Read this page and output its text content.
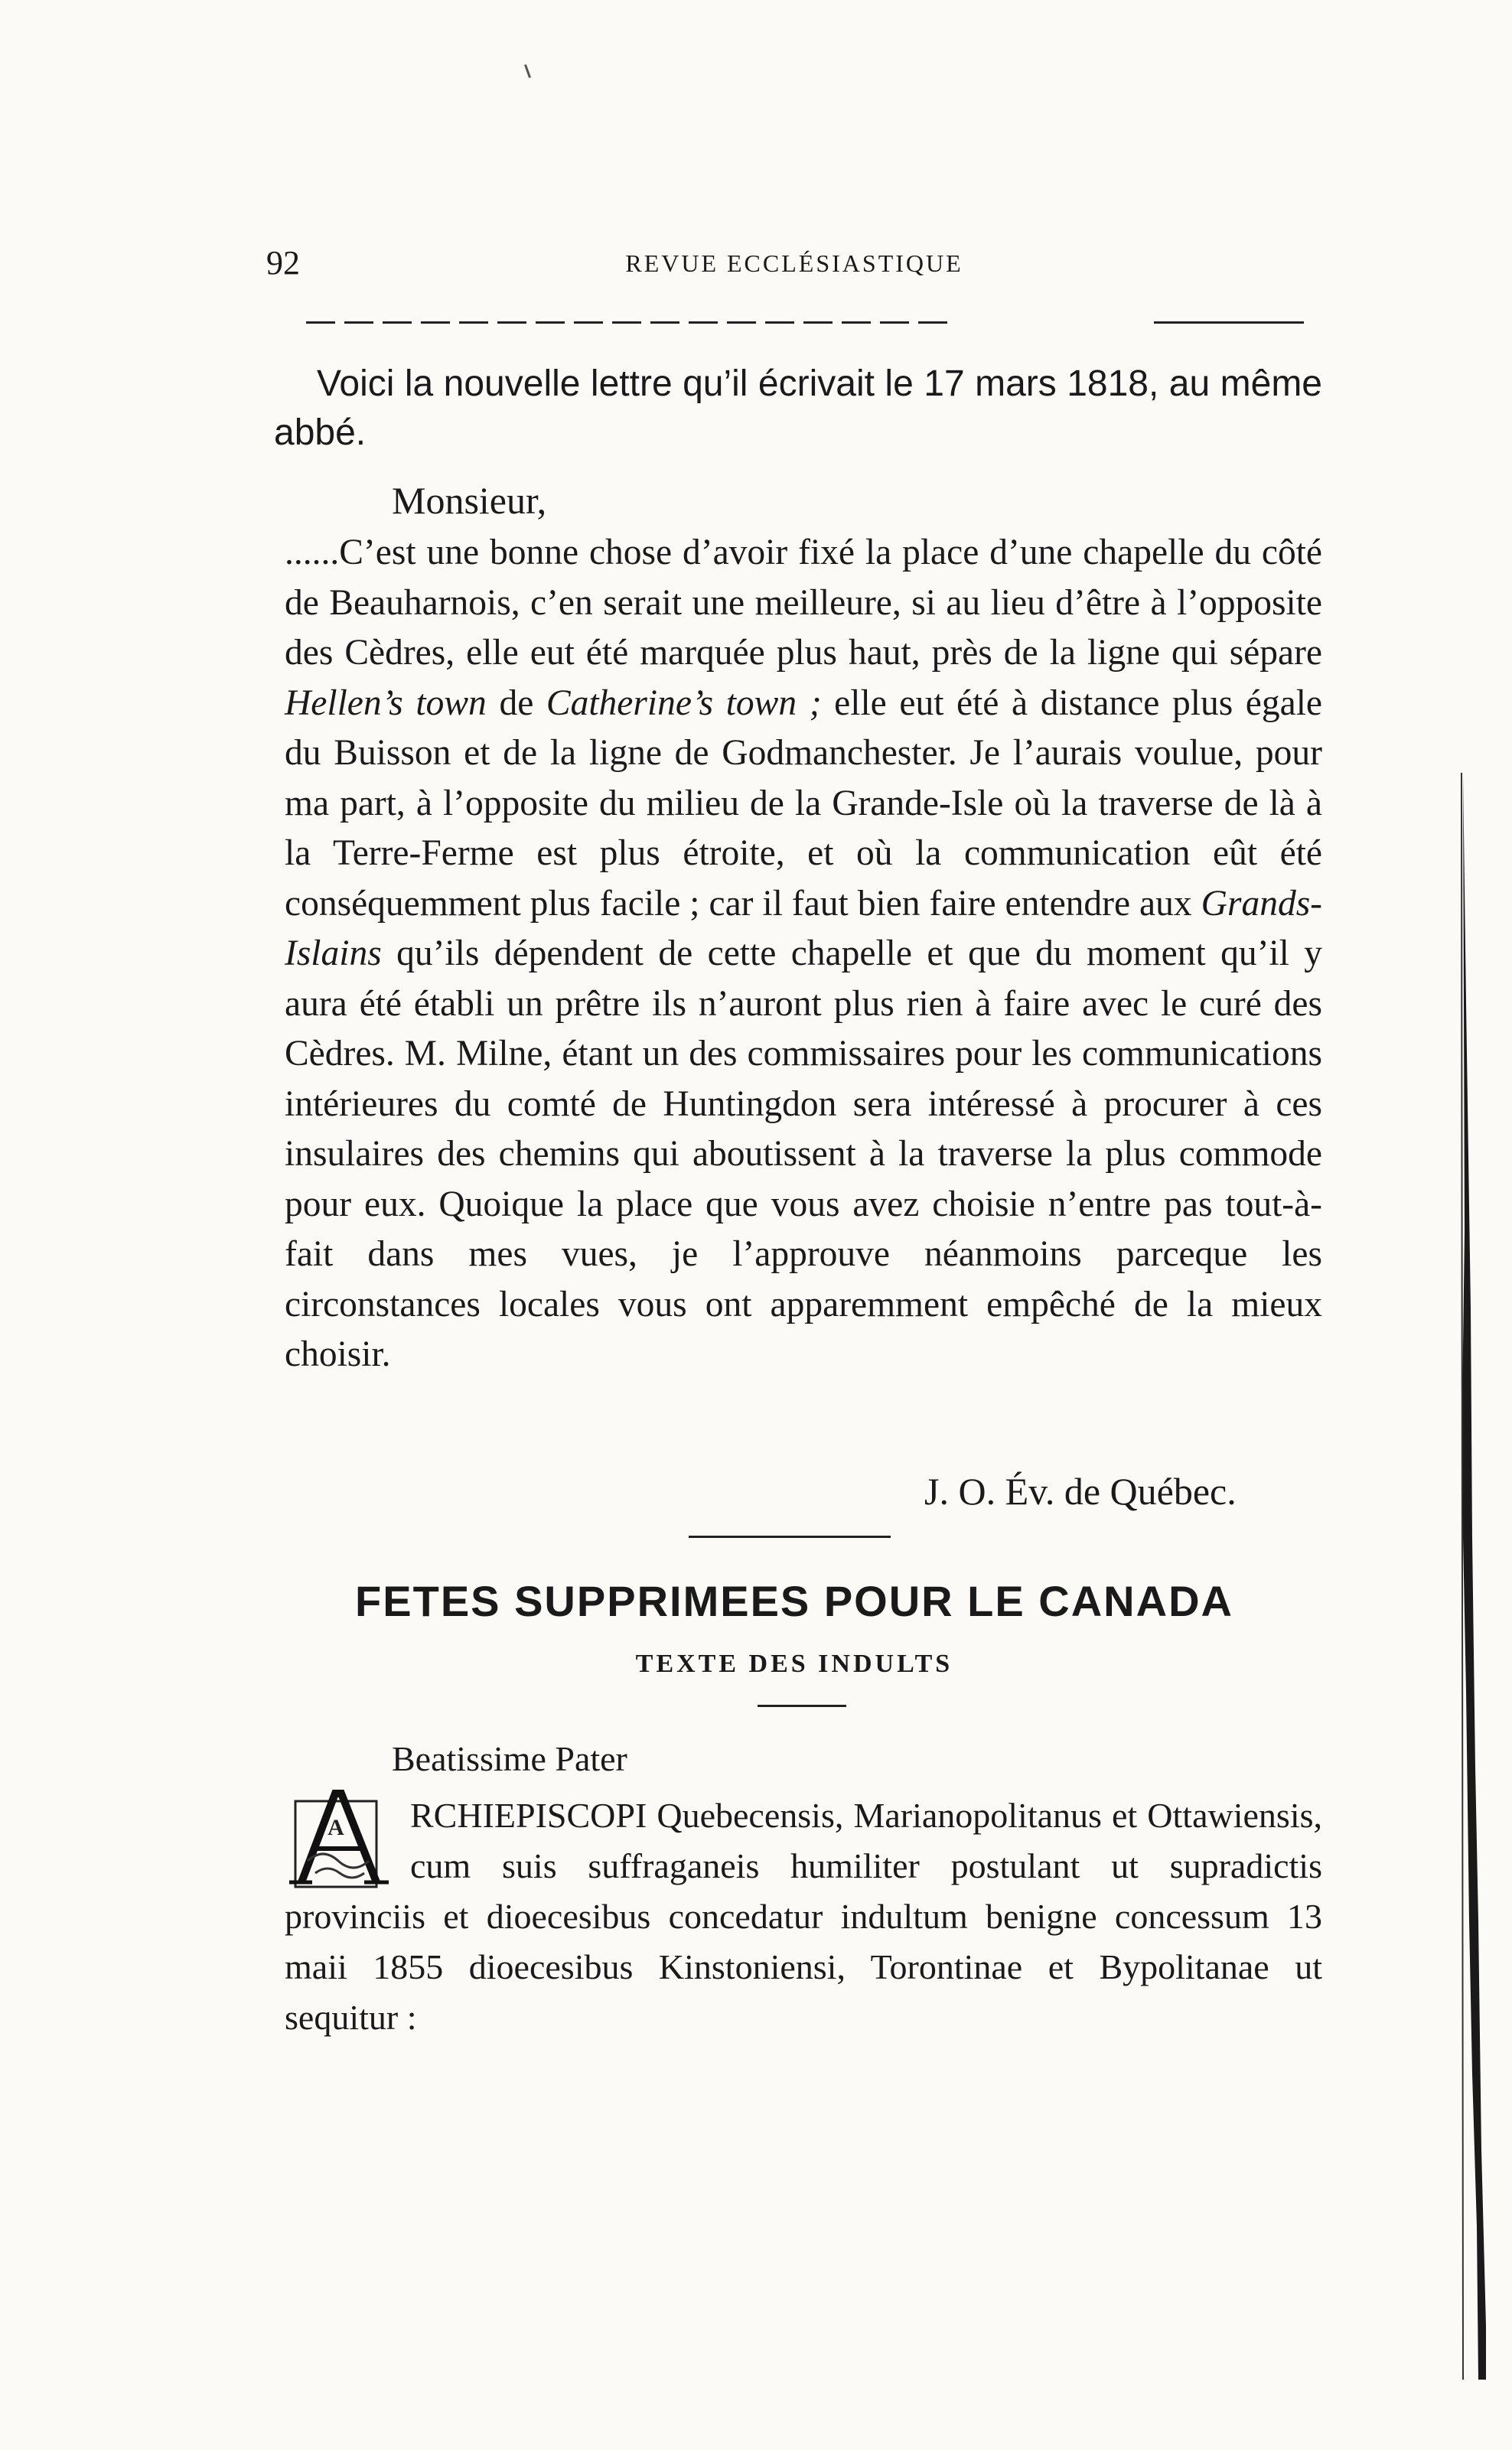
92	REVUE ECCLÉSIASTIQUE

Voici la nouvelle lettre qu’il écrivait le 17 mars 1818, au même abbé.

Monsieur,

......C’est une bonne chose d’avoir fixé la place d’une chapelle du côté de Beauharnois, c’en serait une meilleure, si au lieu d’être à l’opposite des Cèdres, elle eut été marquée plus haut, près de la ligne qui sépare Hellen’s town de Catherine’s town ; elle eut été à distance plus égale du Buisson et de la ligne de Godmanchester. Je l’aurais voulue, pour ma part, à l’opposite du milieu de la Grande-Isle où la traverse de là à la Terre-Ferme est plus étroite, et où la communication eût été conséquemment plus facile ; car il faut bien faire entendre aux Grands-Islains qu’ils dépendent de cette chapelle et que du moment qu’il y aura été établi un prêtre ils n’auront plus rien à faire avec le curé des Cèdres. M. Milne, étant un des commissaires pour les communications intérieures du comté de Huntingdon sera intéressé à procurer à ces insulaires des chemins qui aboutissent à la traverse la plus commode pour eux. Quoique la place que vous avez choisie n’entre pas tout-à-fait dans mes vues, je l’approuve néanmoins parceque les circonstances locales vous ont apparemment empêché de la mieux choisir.

J. O. Év. de Québec.
FETES SUPPRIMEES POUR LE CANADA
TEXTE DES INDULTS
Beatissime Pater
RCHIEPISCOPI Quebecensis, Marianopolitanus et Ottawiensis, cum suis suffraganeis humiliter postulant ut supradictis provinciis et dioecesibus concedatur indultum benigne concessum 13 maii 1855 dioecesibus Kinstoniensi, Torontinae et Bypolitanae ut sequitur :
A
